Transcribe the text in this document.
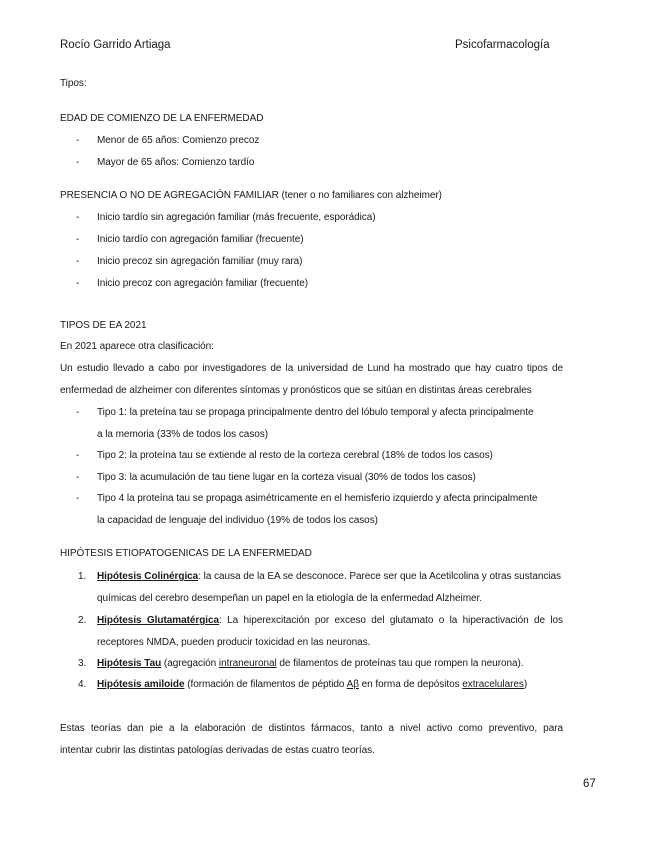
Rocío Garrido Artiaga	Psicofarmacología
Tipos:
EDAD DE COMIENZO DE LA ENFERMEDAD
- Menor de 65 años: Comienzo precoz
- Mayor de 65 años: Comienzo tardío
PRESENCIA O NO DE AGREGACIÓN FAMILIAR (tener o no familiares con alzheimer)
- Inicio tardío sin agregación familiar (más frecuente, esporádica)
- Inicio tardío con agregación familiar (frecuente)
- Inicio precoz sin agregación familiar (muy rara)
- Inicio precoz con agregación familiar (frecuente)
TIPOS DE EA 2021
En 2021 aparece otra clasificación:
Un estudio llevado a cabo por investigadores de la universidad de Lund ha mostrado que hay cuatro tipos de
enfermedad de alzheimer con diferentes síntomas y pronósticos que se sitúan en distintas áreas cerebrales
- Tipo 1: la preteína tau se propaga principalmente dentro del lóbulo temporal y afecta principalmente
a la memoria (33% de todos los casos)
- Tipo 2: la proteína tau se extiende al resto de la corteza cerebral (18% de todos los casos)
- Tipo 3: la acumulación de tau tiene lugar en la corteza visual (30% de todos los casos)
- Tipo 4 la proteína tau se propaga asimétricamente en el hemisferio izquierdo y afecta principalmente
la capacidad de lenguaje del individuo (19% de todos los casos)
HIPÓTESIS ETIOPATOGENICAS DE LA ENFERMEDAD
1. Hipótesis Colinérgica: la causa de la EA se desconoce. Parece ser que la Acetilcolina y otras sustancias
químicas del cerebro desempeñan un papel en la etiología de la enfermedad Alzheimer.
2. Hipótesis Glutamatérgica: La hiperexcitación por exceso del glutamato o la hiperactivación de los
receptores NMDA, pueden producir toxicidad en las neuronas.
3. Hipótesis Tau (agregación intraneuronal de filamentos de proteínas tau que rompen la neurona).
4. Hipótesis amiloide (formación de filamentos de péptido Aβ en forma de depósitos extracelulares)
Estas teorías dan pie a la elaboración de distintos fármacos, tanto a nivel activo como preventivo, para
intentar cubrir las distintas patologías derivadas de estas cuatro teorías.
67
